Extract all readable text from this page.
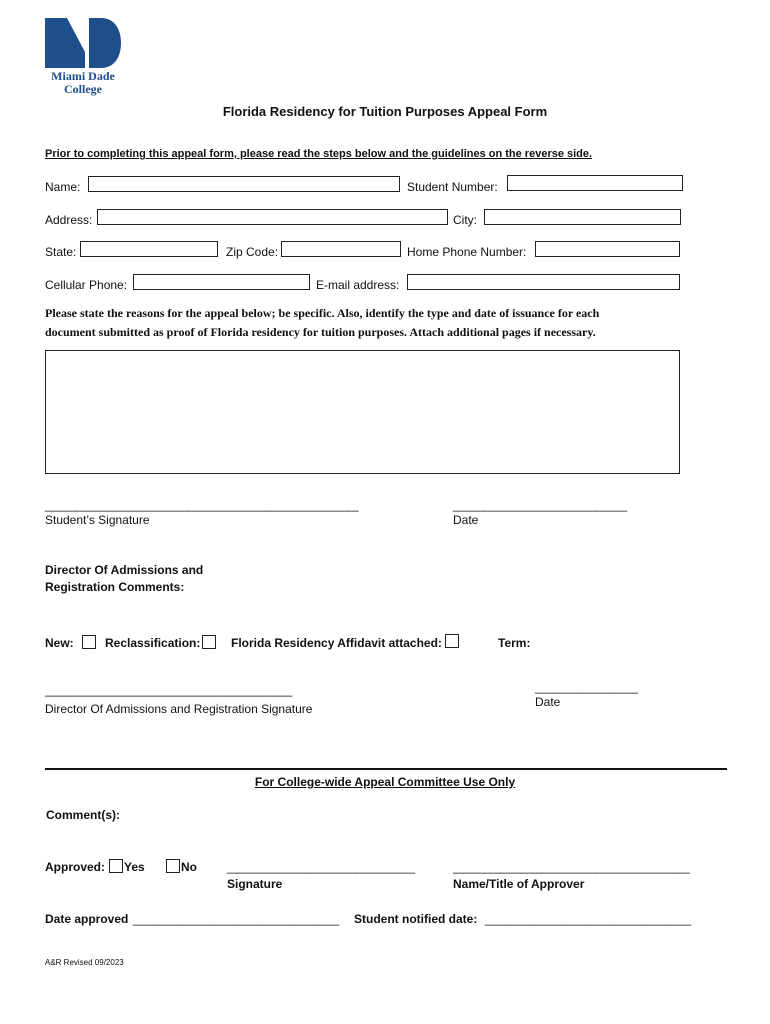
Miami Dade
College
Florida Residency for Tuition Purposes Appeal Form
Prior to completing this appeal form, please read the steps below and the guidelines on the reverse side.
Name:	Student Number:
Address:	City:
State:	Zip Code:	Home Phone Number:
Cellular Phone:	E-mail address:
Please state the reasons for the appeal below; be specific. Also, identify the type and date of issuance for each
document submitted as proof of Florida residency for tuition purposes. Attach additional pages if necessary.
_____________________________________________
Student’s Signature
_________________________
Date
Director Of Admissions and
Registration Comments:
New:	Reclassification:	Florida Residency Affidavit attached:	Term:
____________________________________
Director Of Admissions and Registration Signature
_______________
Date
For College-wide Appeal Committee Use Only
Comment(s):
Approved: Yes	No	___________________________
Signature
__________________________________
Name/Title of Approver
Date approved ______________________________ Student notified date: ______________________________
A&R Revised 09/2023
